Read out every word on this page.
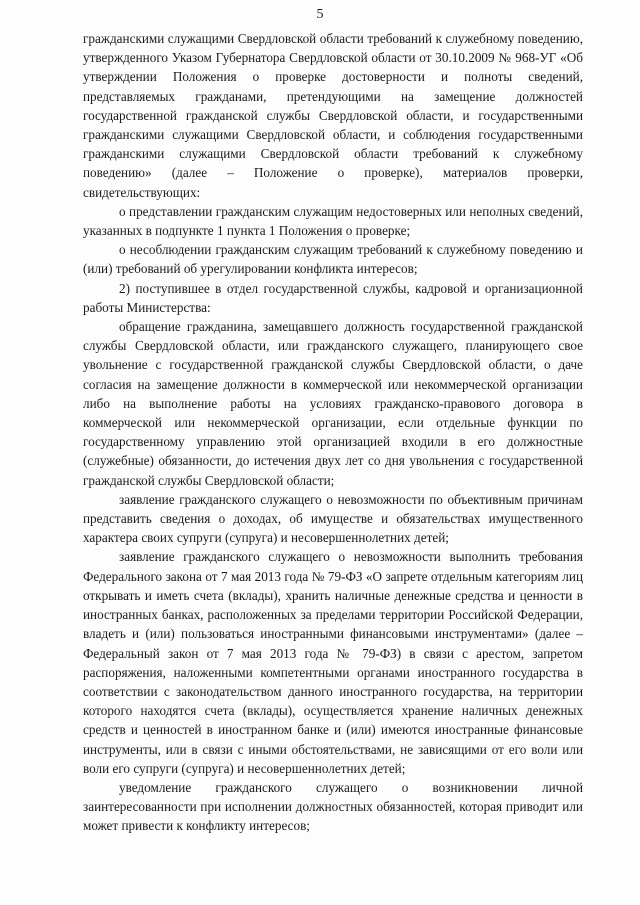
5

гражданскими служащими Свердловской области требований к служебному поведению, утвержденного Указом Губернатора Свердловской области от 30.10.2009 № 968-УГ «Об утверждении Положения о проверке достоверности и полноты сведений, представляемых гражданами, претендующими на замещение должностей государственной гражданской службы Свердловской области, и государственными гражданскими служащими Свердловской области, и соблюдения государственными гражданскими служащими Свердловской области требований к служебному поведению» (далее – Положение о проверке), материалов проверки, свидетельствующих:

о представлении гражданским служащим недостоверных или неполных сведений, указанных в подпункте 1 пункта 1 Положения о проверке;

о несоблюдении гражданским служащим требований к служебному поведению и (или) требований об урегулировании конфликта интересов;

2) поступившее в отдел государственной службы, кадровой и организационной работы Министерства:

обращение гражданина, замещавшего должность государственной гражданской службы Свердловской области, или гражданского служащего, планирующего свое увольнение с государственной гражданской службы Свердловской области, о даче согласия на замещение должности в коммерческой или некоммерческой организации либо на выполнение работы на условиях гражданско-правового договора в коммерческой или некоммерческой организации, если отдельные функции по государственному управлению этой организацией входили в его должностные (служебные) обязанности, до истечения двух лет со дня увольнения с государственной гражданской службы Свердловской области;

заявление гражданского служащего о невозможности по объективным причинам представить сведения о доходах, об имуществе и обязательствах имущественного характера своих супруги (супруга) и несовершеннолетних детей;

заявление гражданского служащего о невозможности выполнить требования Федерального закона от 7 мая 2013 года № 79-ФЗ «О запрете отдельным категориям лиц открывать и иметь счета (вклады), хранить наличные денежные средства и ценности в иностранных банках, расположенных за пределами территории Российской Федерации, владеть и (или) пользоваться иностранными финансовыми инструментами» (далее – Федеральный закон от 7 мая 2013 года № 79-ФЗ) в связи с арестом, запретом распоряжения, наложенными компетентными органами иностранного государства в соответствии с законодательством данного иностранного государства, на территории которого находятся счета (вклады), осуществляется хранение наличных денежных средств и ценностей в иностранном банке и (или) имеются иностранные финансовые инструменты, или в связи с иными обстоятельствами, не зависящими от его воли или воли его супруги (супруга) и несовершеннолетних детей;

уведомление гражданского служащего о возникновении личной заинтересованности при исполнении должностных обязанностей, которая приводит или может привести к конфликту интересов;
